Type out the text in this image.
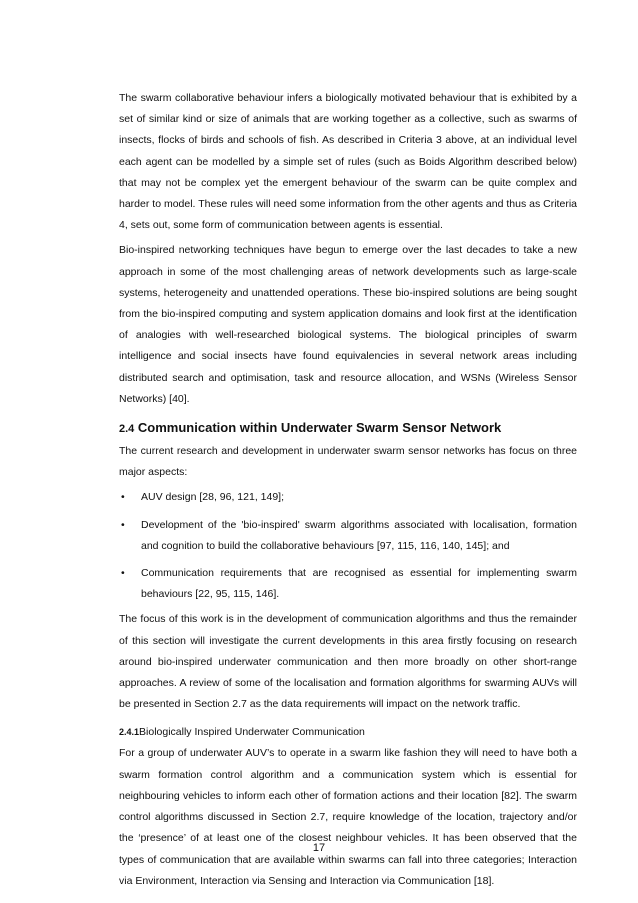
The swarm collaborative behaviour infers a biologically motivated behaviour that is exhibited by a set of similar kind or size of animals that are working together as a collective, such as swarms of insects, flocks of birds and schools of fish. As described in Criteria 3 above, at an individual level each agent can be modelled by a simple set of rules (such as Boids Algorithm described below) that may not be complex yet the emergent behaviour of the swarm can be quite complex and harder to model. These rules will need some information from the other agents and thus as Criteria 4, sets out, some form of communication between agents is essential.

Bio-inspired networking techniques have begun to emerge over the last decades to take a new approach in some of the most challenging areas of network developments such as large-scale systems, heterogeneity and unattended operations. These bio-inspired solutions are being sought from the bio-inspired computing and system application domains and look first at the identification of analogies with well-researched biological systems. The biological principles of swarm intelligence and social insects have found equivalencies in several network areas including distributed search and optimisation, task and resource allocation, and WSNs (Wireless Sensor Networks) [40].

2.4 Communication within Underwater Swarm Sensor Network

The current research and development in underwater swarm sensor networks has focus on three major aspects:

• AUV design [28, 96, 121, 149];
• Development of the 'bio-inspired' swarm algorithms associated with localisation, formation and cognition to build the collaborative behaviours [97, 115, 116, 140, 145]; and
• Communication requirements that are recognised as essential for implementing swarm behaviours [22, 95, 115, 146].

The focus of this work is in the development of communication algorithms and thus the remainder of this section will investigate the current developments in this area firstly focusing on research around bio-inspired underwater communication and then more broadly on other short-range approaches. A review of some of the localisation and formation algorithms for swarming AUVs will be presented in Section 2.7 as the data requirements will impact on the network traffic.

2.4.1Biologically Inspired Underwater Communication

For a group of underwater AUV’s to operate in a swarm like fashion they will need to have both a swarm formation control algorithm and a communication system which is essential for neighbouring vehicles to inform each other of formation actions and their location [82]. The swarm control algorithms discussed in Section 2.7, require knowledge of the location, trajectory and/or the ‘presence’ of at least one of the closest neighbour vehicles. It has been observed that the types of communication that are available within swarms can fall into three categories; Interaction via Environment, Interaction via Sensing and Interaction via Communication [18].

17
